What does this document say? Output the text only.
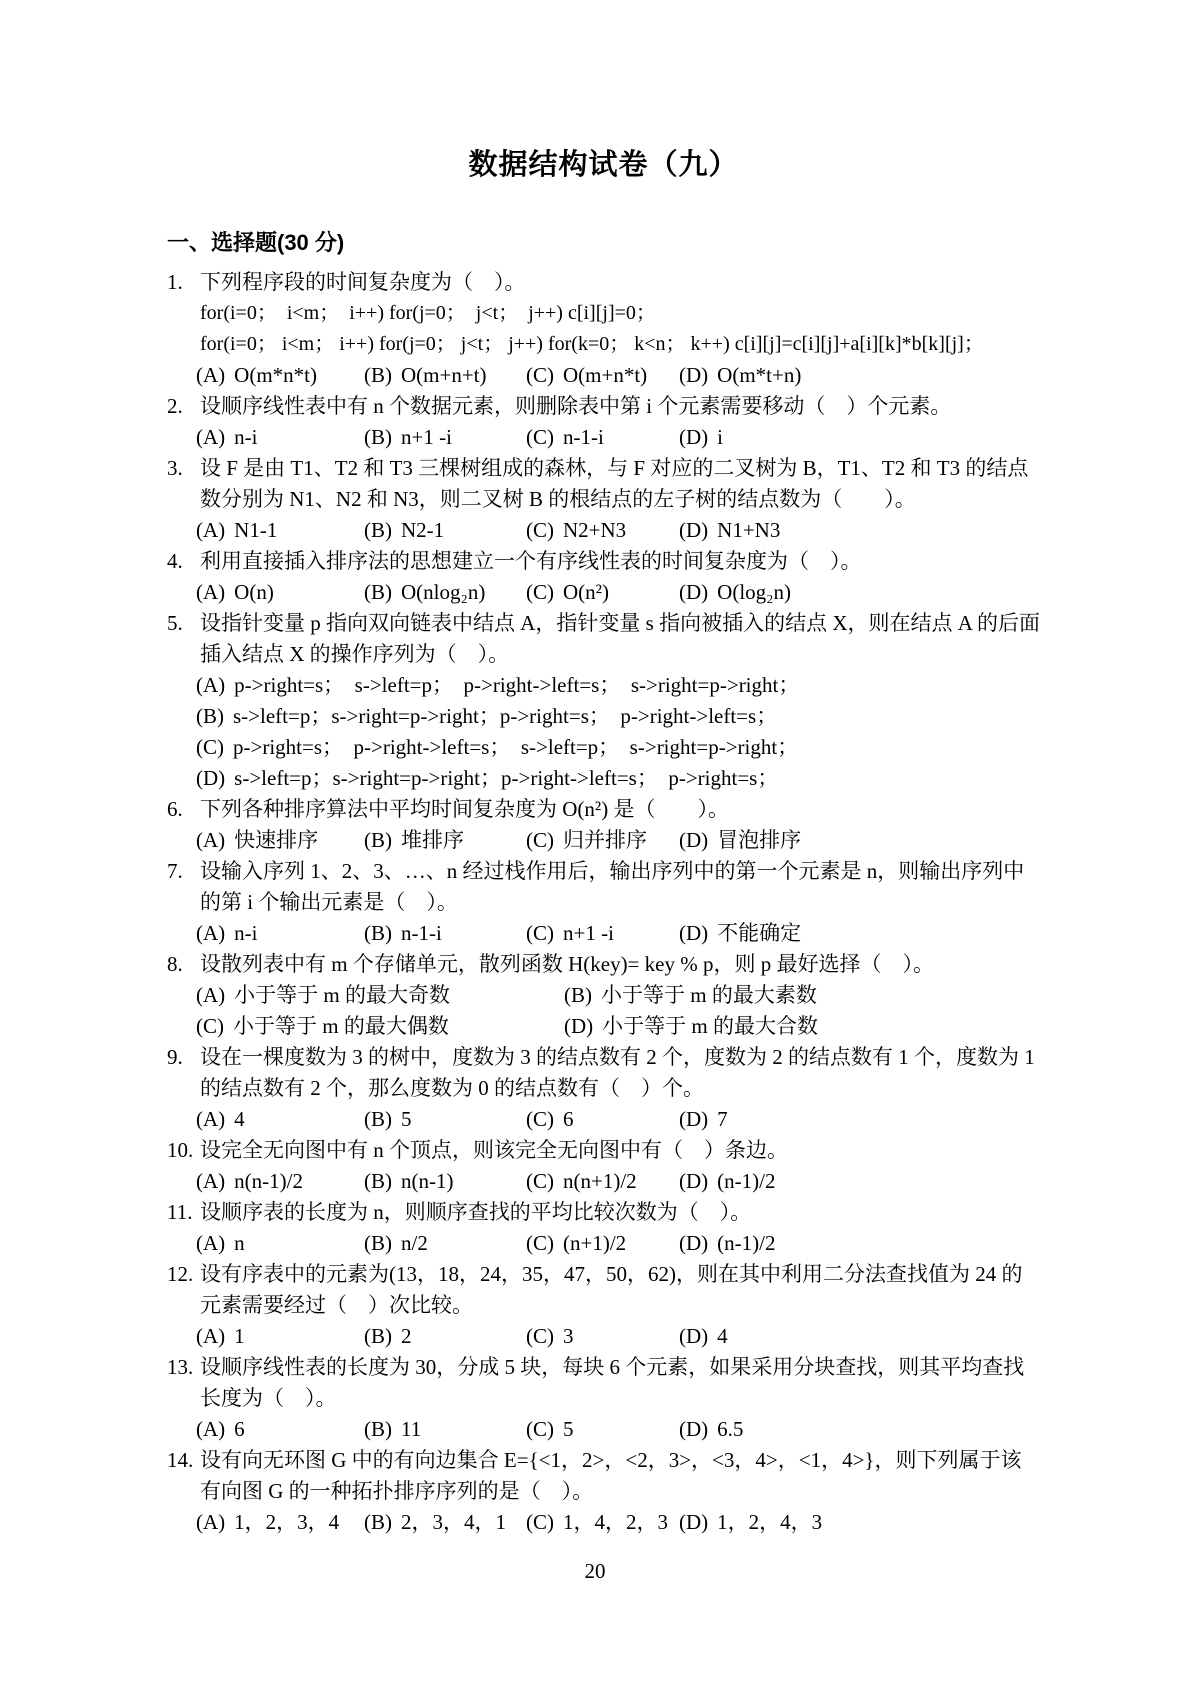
数据结构试卷（九）
一、选择题(30 分)
1. 下列程序段的时间复杂度为（　）。
for(i=0；  i<m；  i++) for(j=0；  j<t；  j++) c[i][j]=0；
for(i=0； i<m； i++) for(j=0； j<t； j++) for(k=0； k<n； k++) c[i][j]=c[i][j]+a[i][k]*b[k][j]；
(A) O(m*n*t)	(B) O(m+n+t)	(C) O(m+n*t)	(D) O(m*t+n)
2. 设顺序线性表中有 n 个数据元素，则删除表中第 i 个元素需要移动（　）个元素。
(A) n-i	(B) n+1 -i	(C) n-1-i	(D) i
3. 设 F 是由 T1、T2 和 T3 三棵树组成的森林，与 F 对应的二叉树为 B，T1、T2 和 T3 的结点数分别为 N1、N2 和 N3，则二叉树 B 的根结点的左子树的结点数为（　　）。
(A) N1-1	(B) N2-1	(C) N2+N3	(D) N1+N3
4. 利用直接插入排序法的思想建立一个有序线性表的时间复杂度为（　）。
(A) O(n)	(B) O(nlog₂n)	(C) O(n²)	(D) O(log₂n)
5. 设指针变量 p 指向双向链表中结点 A，指针变量 s 指向被插入的结点 X，则在结点 A 的后面插入结点 X 的操作序列为（　）。
(A) p->right=s；  s->left=p；  p->right->left=s；  s->right=p->right；
(B) s->left=p；s->right=p->right；p->right=s；  p->right->left=s；
(C) p->right=s；  p->right->left=s；  s->left=p；  s->right=p->right；
(D) s->left=p；s->right=p->right；p->right->left=s；  p->right=s；
6. 下列各种排序算法中平均时间复杂度为 O(n²) 是（　　）。
(A) 快速排序	(B) 堆排序	(C) 归并排序	(D) 冒泡排序
7. 设输入序列 1、2、3、…、n 经过栈作用后，输出序列中的第一个元素是 n，则输出序列中的第 i 个输出元素是（　）。
(A) n-i	(B) n-1-i	(C) n+1 -i	(D) 不能确定
8. 设散列表中有 m 个存储单元，散列函数 H(key)= key % p，则 p 最好选择（　）。
(A) 小于等于 m 的最大奇数	(B) 小于等于 m 的最大素数
(C) 小于等于 m 的最大偶数	(D) 小于等于 m 的最大合数
9. 设在一棵度数为 3 的树中，度数为 3 的结点数有 2 个，度数为 2 的结点数有 1 个，度数为 1 的结点数有 2 个，那么度数为 0 的结点数有（　）个。
(A) 4	(B) 5	(C) 6	(D) 7
10. 设完全无向图中有 n 个顶点，则该完全无向图中有（　）条边。
(A) n(n-1)/2	(B) n(n-1)	(C) n(n+1)/2	(D) (n-1)/2
11. 设顺序表的长度为 n，则顺序查找的平均比较次数为（　）。
(A) n	(B) n/2	(C) (n+1)/2	(D) (n-1)/2
12. 设有序表中的元素为(13，18，24，35，47，50，62)，则在其中利用二分法查找值为 24 的元素需要经过（　）次比较。
(A) 1	(B) 2	(C) 3	(D) 4
13. 设顺序线性表的长度为 30，分成 5 块，每块 6 个元素，如果采用分块查找，则其平均查找长度为（　）。
(A) 6	(B) 11	(C) 5	(D) 6.5
14. 设有向无环图 G 中的有向边集合 E={<1，2>，<2，3>，<3，4>，<1，4>}，则下列属于该有向图 G 的一种拓扑排序序列的是（　）。
(A) 1，2，3，4	(B) 2，3，4，1 (C) 1，4，2，3 (D) 1，2，4，3
20
